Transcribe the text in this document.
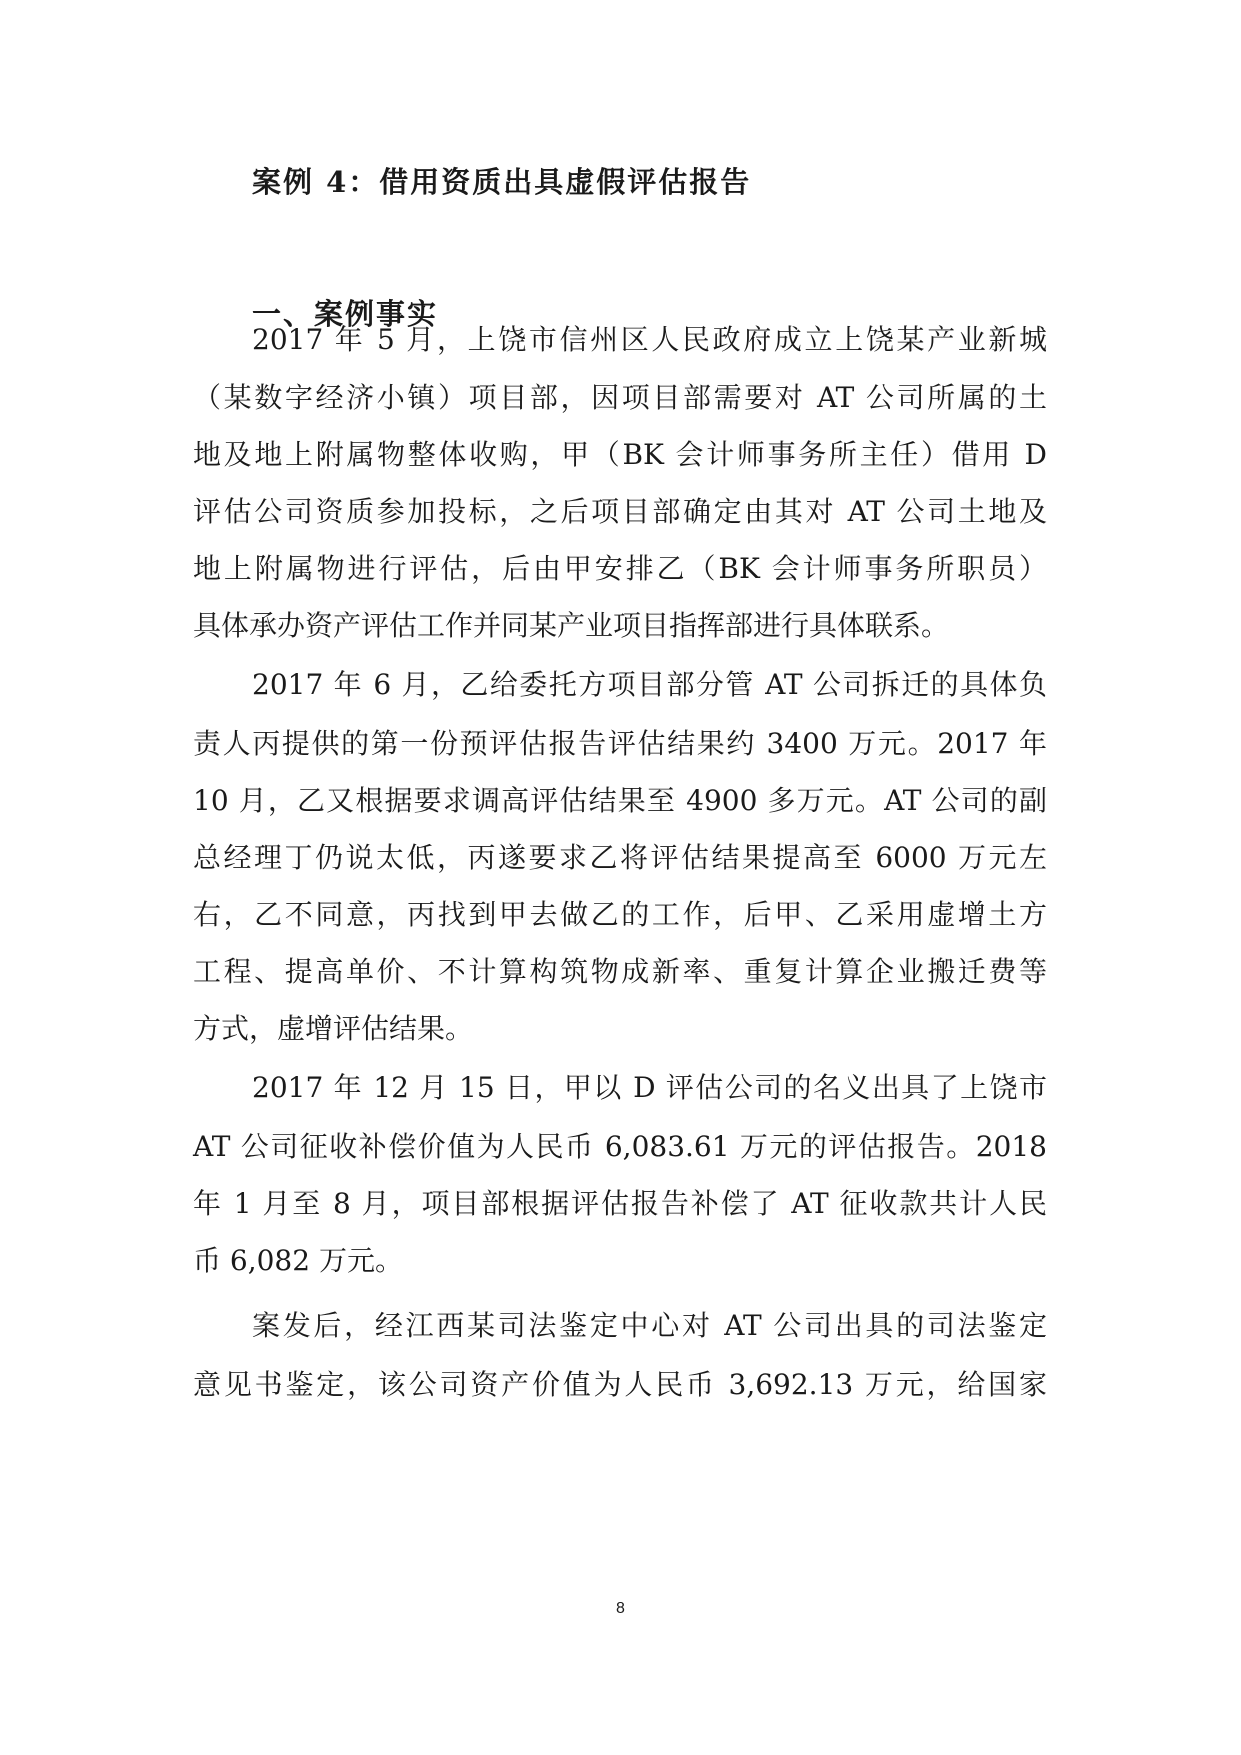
案例 4：借用资质出具虚假评估报告
一、案例事实
2017 年 5 月，上饶市信州区人民政府成立上饶某产业新城
（某数字经济小镇）项目部，因项目部需要对 AT 公司所属的土
地及地上附属物整体收购，甲（BK 会计师事务所主任）借用 D
评估公司资质参加投标，之后项目部确定由其对 AT 公司土地及
地上附属物进行评估，后由甲安排乙（BK 会计师事务所职员）
具体承办资产评估工作并同某产业项目指挥部进行具体联系。
2017 年 6 月，乙给委托方项目部分管 AT 公司拆迁的具体负
责人丙提供的第一份预评估报告评估结果约 3400 万元。2017 年
10 月，乙又根据要求调高评估结果至 4900 多万元。AT 公司的副
总经理丁仍说太低，丙遂要求乙将评估结果提高至 6000 万元左
右，乙不同意，丙找到甲去做乙的工作，后甲、乙采用虚增土方
工程、提高单价、不计算构筑物成新率、重复计算企业搬迁费等
方式，虚增评估结果。
2017 年 12 月 15 日，甲以 D 评估公司的名义出具了上饶市
AT 公司征收补偿价值为人民币 6,083.61 万元的评估报告。2018
年 1 月至 8 月，项目部根据评估报告补偿了 AT 征收款共计人民
币 6,082 万元。
案发后，经江西某司法鉴定中心对 AT 公司出具的司法鉴定
意见书鉴定，该公司资产价值为人民币 3,692.13 万元，给国家
8
